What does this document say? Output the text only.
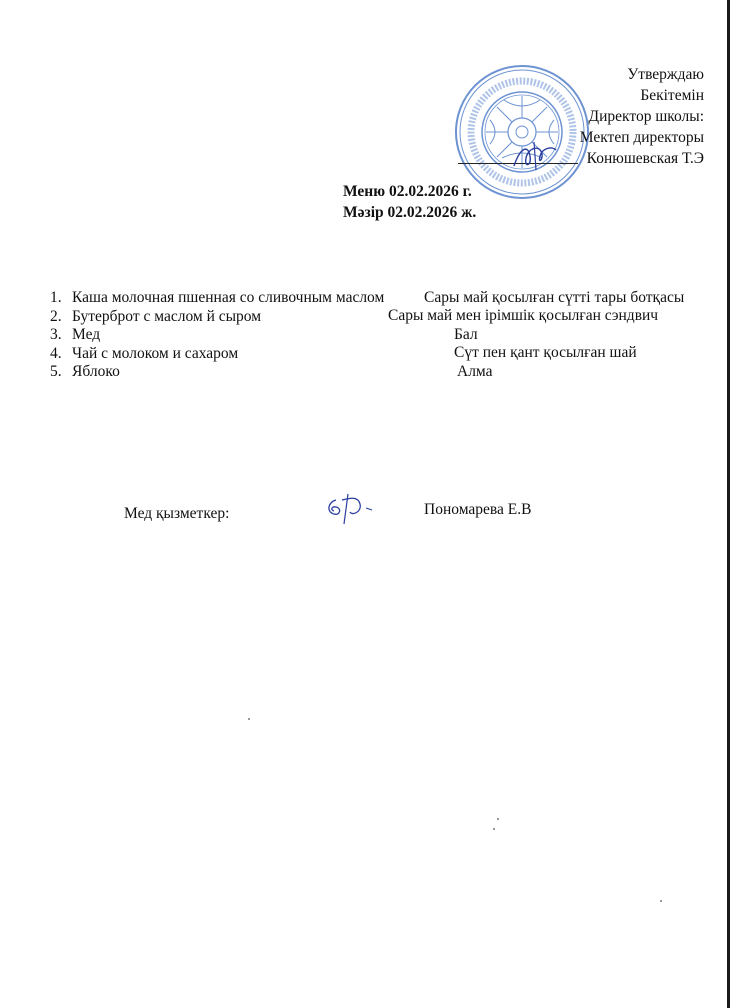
Утверждаю
Бекітемін
Директор школы:
Мектеп директоры
Конюшевская Т.Э
Меню 02.02.2026 г.
Мәзір 02.02.2026 ж.
1. Каша молочная пшенная со сливочным маслом
2. Бутерброт с маслом й сыром
3. Мед
4. Чай с молоком и сахаром
5. Яблоко
Сары май қосылған сүтті тары ботқасы
Сары май мен ірімшік қосылған сэндвич
Бал
Сүт пен қант қосылған шай
Алма
Мед қызметкер:	Пономарева Е.В
